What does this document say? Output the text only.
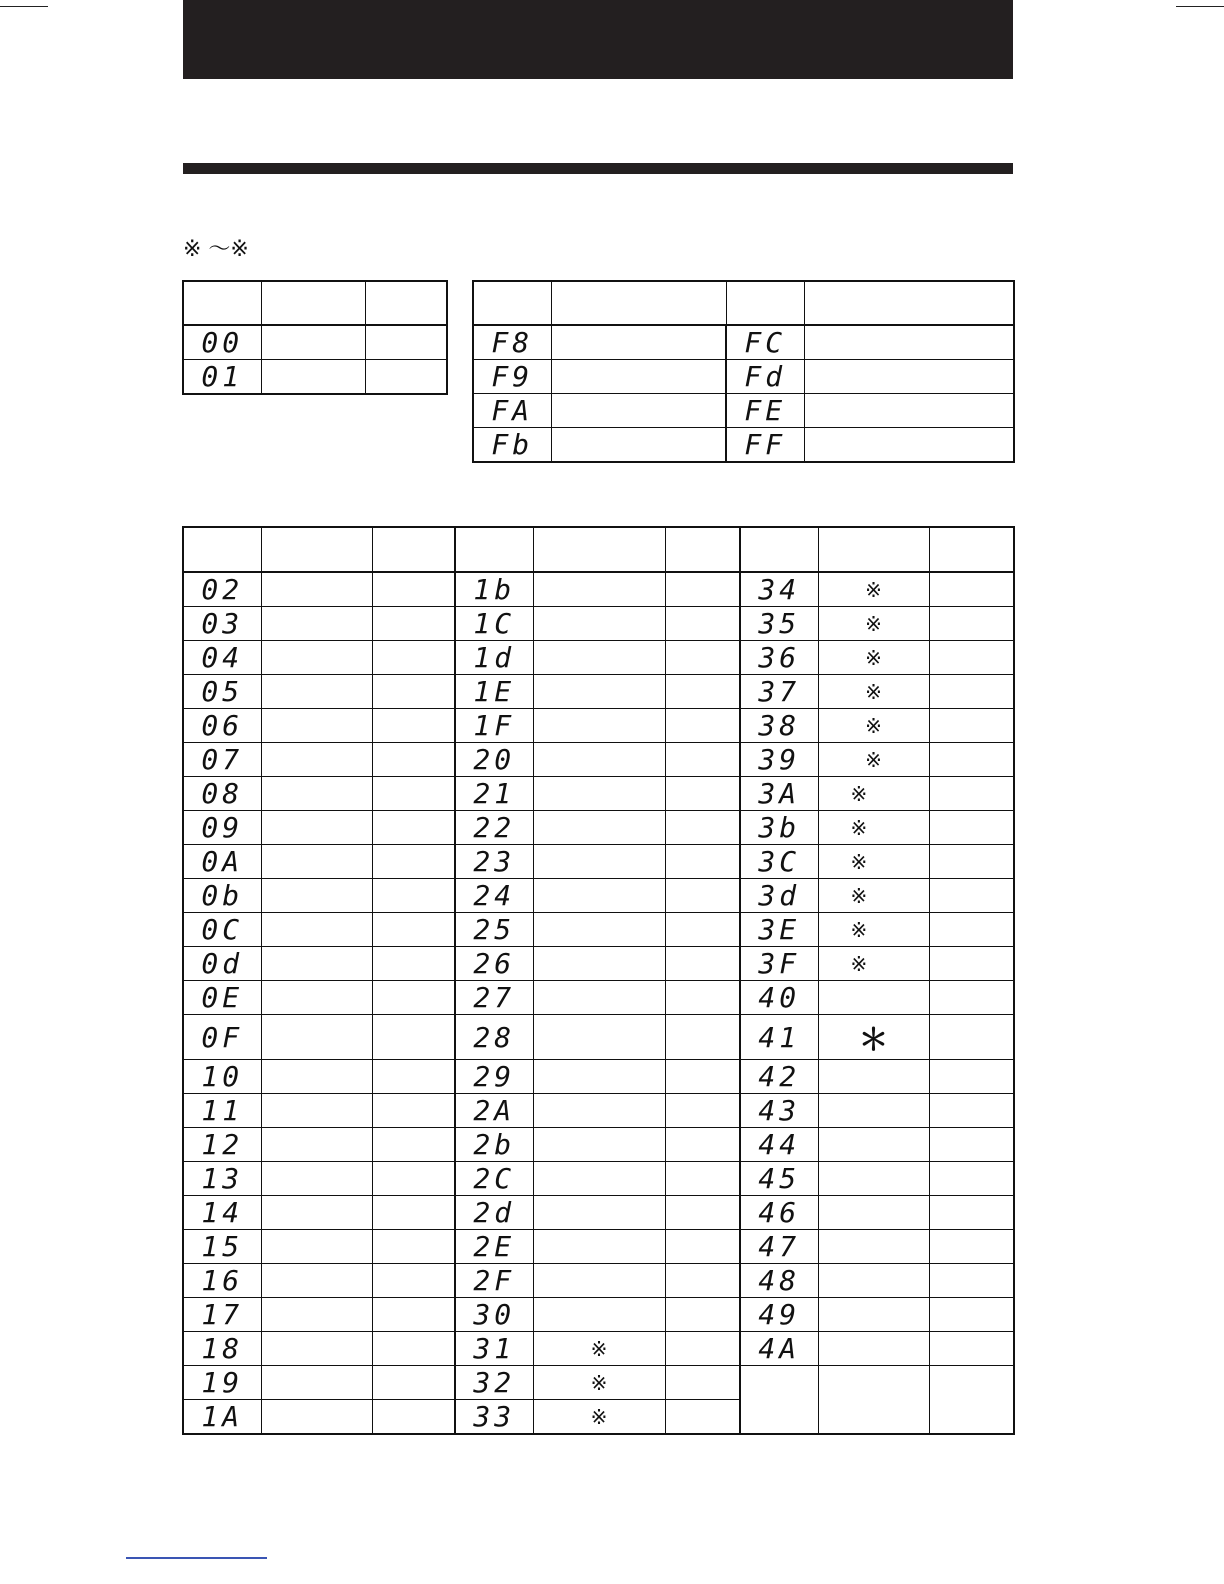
※ ～※

00		
01		

F8		FC	
F9		Fd	
FA		FE	
Fb		FF	

02			1b			34	※	
03			1C			35	※	
04			1d			36	※	
05			1E			37	※	
06			1F			38	※	
07			20			39	※	
08			21			3A	※	
09			22			3b	※	
0A			23			3C	※	
0b			24			3d	※	
0C			25			3E	※	
0d			26			3F	※	
0E			27			40		
0F			28			41	＊	
10			29			42		
11			2A			43		
12			2b			44		
13			2C			45		
14			2d			46		
15			2E			47		
16			2F			48		
17			30			49		
18			31	※		4A		
19			32	※				
1A			33	※				
